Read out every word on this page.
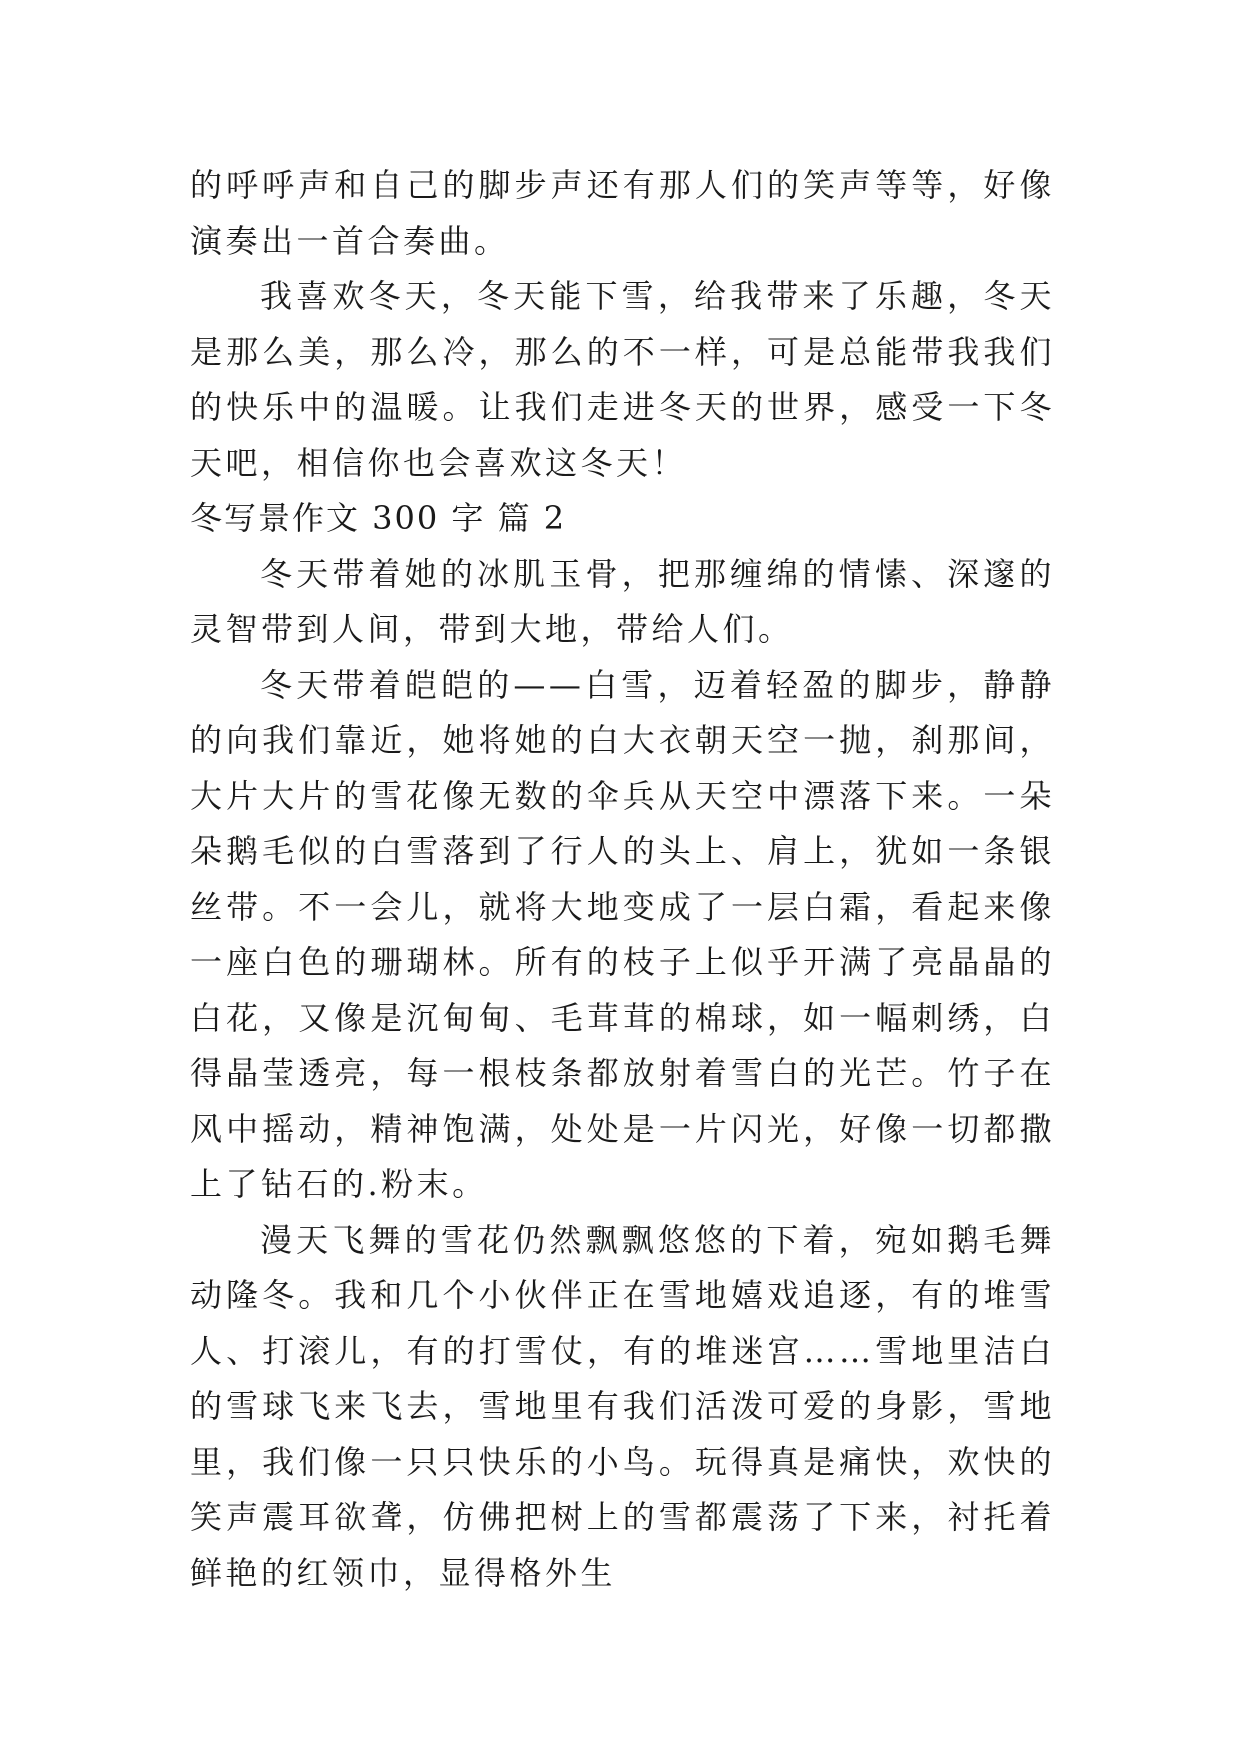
的呼呼声和自己的脚步声还有那人们的笑声等等，好像演奏出一首合奏曲。

我喜欢冬天，冬天能下雪，给我带来了乐趣，冬天是那么美，那么冷，那么的不一样，可是总能带我我们的快乐中的温暖。让我们走进冬天的世界，感受一下冬天吧，相信你也会喜欢这冬天！

冬写景作文 300 字 篇 2

冬天带着她的冰肌玉骨，把那缠绵的情愫、深邃的灵智带到人间，带到大地，带给人们。

冬天带着皑皑的——白雪，迈着轻盈的脚步，静静的向我们靠近，她将她的白大衣朝天空一抛，刹那间，大片大片的雪花像无数的伞兵从天空中漂落下来。一朵朵鹅毛似的白雪落到了行人的头上、肩上，犹如一条银丝带。不一会儿，就将大地变成了一层白霜，看起来像一座白色的珊瑚林。所有的枝子上似乎开满了亮晶晶的白花，又像是沉甸甸、毛茸茸的棉球，如一幅刺绣，白得晶莹透亮，每一根枝条都放射着雪白的光芒。竹子在风中摇动，精神饱满，处处是一片闪光，好像一切都撒上了钻石的.粉末。

漫天飞舞的雪花仍然飘飘悠悠的下着，宛如鹅毛舞动隆冬。我和几个小伙伴正在雪地嬉戏追逐，有的堆雪人、打滚儿，有的打雪仗，有的堆迷宫……雪地里洁白的雪球飞来飞去，雪地里有我们活泼可爱的身影，雪地里，我们像一只只快乐的小鸟。玩得真是痛快，欢快的笑声震耳欲聋，仿佛把树上的雪都震荡了下来，衬托着鲜艳的红领巾，显得格外生
